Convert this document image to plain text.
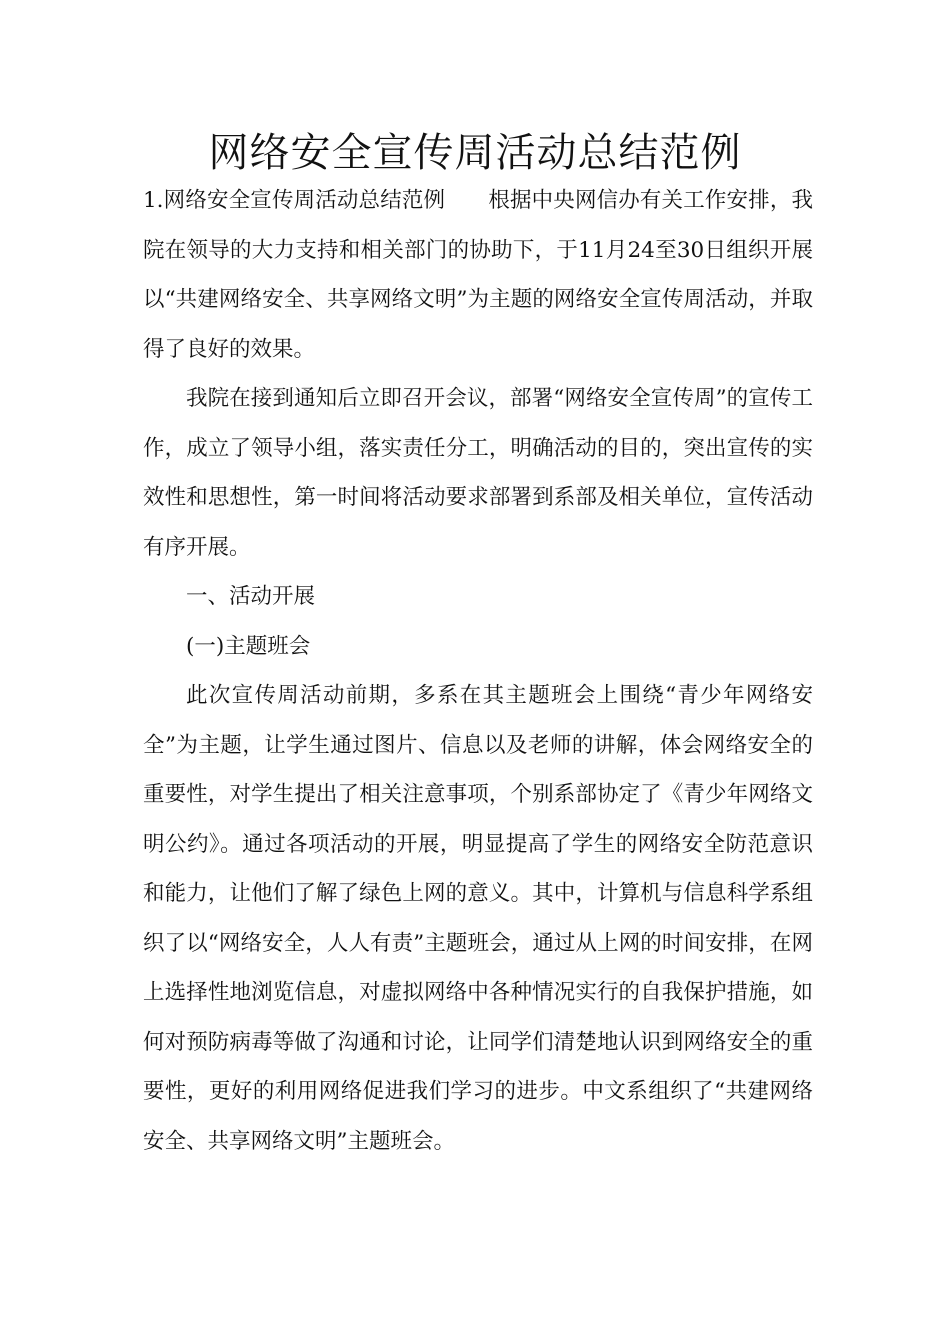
网络安全宣传周活动总结范例

1.网络安全宣传周活动总结范例 根据中央网信办有关工作安排，我院在领导的大力支持和相关部门的协助下，于11月24至30日组织开展以“共建网络安全、共享网络文明”为主题的网络安全宣传周活动，并取得了良好的效果。

我院在接到通知后立即召开会议，部署“网络安全宣传周”的宣传工作，成立了领导小组，落实责任分工，明确活动的目的，突出宣传的实效性和思想性，第一时间将活动要求部署到系部及相关单位，宣传活动有序开展。

一、活动开展

(一)主题班会

此次宣传周活动前期，多系在其主题班会上围绕“青少年网络安全”为主题，让学生通过图片、信息以及老师的讲解，体会网络安全的重要性，对学生提出了相关注意事项，个别系部协定了《青少年网络文明公约》。通过各项活动的开展，明显提高了学生的网络安全防范意识和能力，让他们了解了绿色上网的意义。其中，计算机与信息科学系组织了以“网络安全，人人有责”主题班会，通过从上网的时间安排，在网上选择性地浏览信息，对虚拟网络中各种情况实行的自我保护措施，如何对预防病毒等做了沟通和讨论，让同学们清楚地认识到网络安全的重要性，更好的利用网络促进我们学习的进步。中文系组织了“共建网络安全、共享网络文明”主题班会。
